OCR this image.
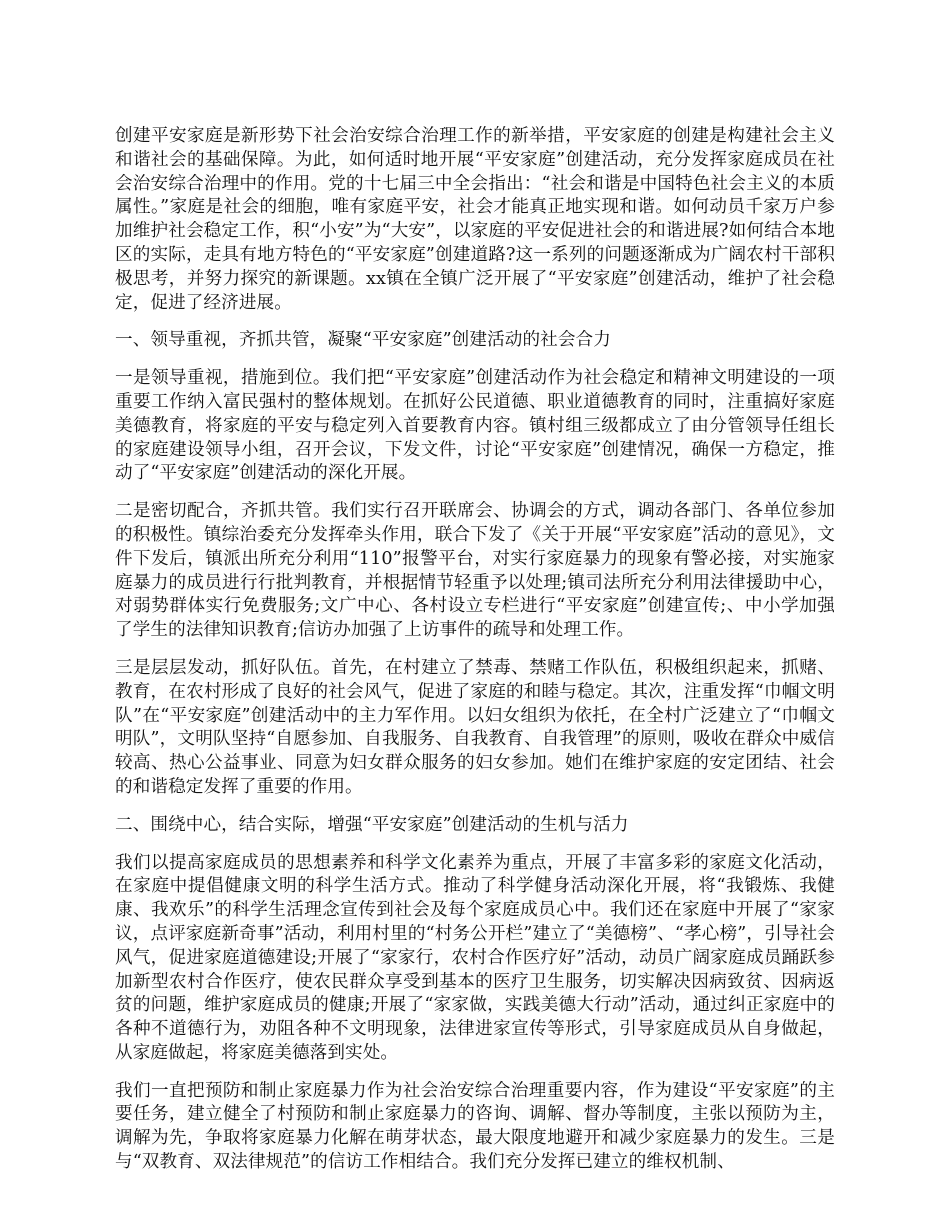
创建平安家庭是新形势下社会治安综合治理工作的新举措，平安家庭的创建是构建社会主义和谐社会的基础保障。为此，如何适时地开展“平安家庭”创建活动，充分发挥家庭成员在社会治安综合治理中的作用。党的十七届三中全会指出：“社会和谐是中国特色社会主义的本质属性。”家庭是社会的细胞，唯有家庭平安，社会才能真正地实现和谐。如何动员千家万户参加维护社会稳定工作，积“小安”为“大安”，以家庭的平安促进社会的和谐进展?如何结合本地区的实际，走具有地方特色的“平安家庭”创建道路?这一系列的问题逐渐成为广阔农村干部积极思考，并努力探究的新课题。xx镇在全镇广泛开展了“平安家庭”创建活动，维护了社会稳定，促进了经济进展。

一、领导重视，齐抓共管，凝聚“平安家庭”创建活动的社会合力

一是领导重视，措施到位。我们把“平安家庭”创建活动作为社会稳定和精神文明建设的一项重要工作纳入富民强村的整体规划。在抓好公民道德、职业道德教育的同时，注重搞好家庭美德教育，将家庭的平安与稳定列入首要教育内容。镇村组三级都成立了由分管领导任组长的家庭建设领导小组，召开会议，下发文件，讨论“平安家庭”创建情况，确保一方稳定，推动了“平安家庭”创建活动的深化开展。

二是密切配合，齐抓共管。我们实行召开联席会、协调会的方式，调动各部门、各单位参加的积极性。镇综治委充分发挥牵头作用，联合下发了《关于开展“平安家庭”活动的意见》，文件下发后，镇派出所充分利用“110”报警平台，对实行家庭暴力的现象有警必接，对实施家庭暴力的成员进行行批判教育，并根据情节轻重予以处理;镇司法所充分利用法律援助中心，对弱势群体实行免费服务;文广中心、各村设立专栏进行“平安家庭”创建宣传;、中小学加强了学生的法律知识教育;信访办加强了上访事件的疏导和处理工作。

三是层层发动，抓好队伍。首先，在村建立了禁毒、禁赌工作队伍，积极组织起来，抓赌、教育，在农村形成了良好的社会风气，促进了家庭的和睦与稳定。其次，注重发挥“巾帼文明队”在“平安家庭”创建活动中的主力军作用。以妇女组织为依托，在全村广泛建立了“巾帼文明队”，文明队坚持“自愿参加、自我服务、自我教育、自我管理”的原则，吸收在群众中威信较高、热心公益事业、同意为妇女群众服务的妇女参加。她们在维护家庭的安定团结、社会的和谐稳定发挥了重要的作用。

二、围绕中心，结合实际，增强“平安家庭”创建活动的生机与活力

我们以提高家庭成员的思想素养和科学文化素养为重点，开展了丰富多彩的家庭文化活动，在家庭中提倡健康文明的科学生活方式。推动了科学健身活动深化开展，将“我锻炼、我健康、我欢乐”的科学生活理念宣传到社会及每个家庭成员心中。我们还在家庭中开展了“家家议，点评家庭新奇事”活动，利用村里的“村务公开栏”建立了“美德榜”、“孝心榜”，引导社会风气，促进家庭道德建设;开展了“家家行，农村合作医疗好”活动，动员广阔家庭成员踊跃参加新型农村合作医疗，使农民群众享受到基本的医疗卫生服务，切实解决因病致贫、因病返贫的问题，维护家庭成员的健康;开展了“家家做，实践美德大行动”活动，通过纠正家庭中的各种不道德行为，劝阻各种不文明现象，法律进家宣传等形式，引导家庭成员从自身做起，从家庭做起，将家庭美德落到实处。

我们一直把预防和制止家庭暴力作为社会治安综合治理重要内容，作为建设“平安家庭”的主要任务，建立健全了村预防和制止家庭暴力的咨询、调解、督办等制度，主张以预防为主，调解为先，争取将家庭暴力化解在萌芽状态，最大限度地避开和减少家庭暴力的发生。三是与“双教育、双法律规范”的信访工作相结合。我们充分发挥已建立的维权机制、
